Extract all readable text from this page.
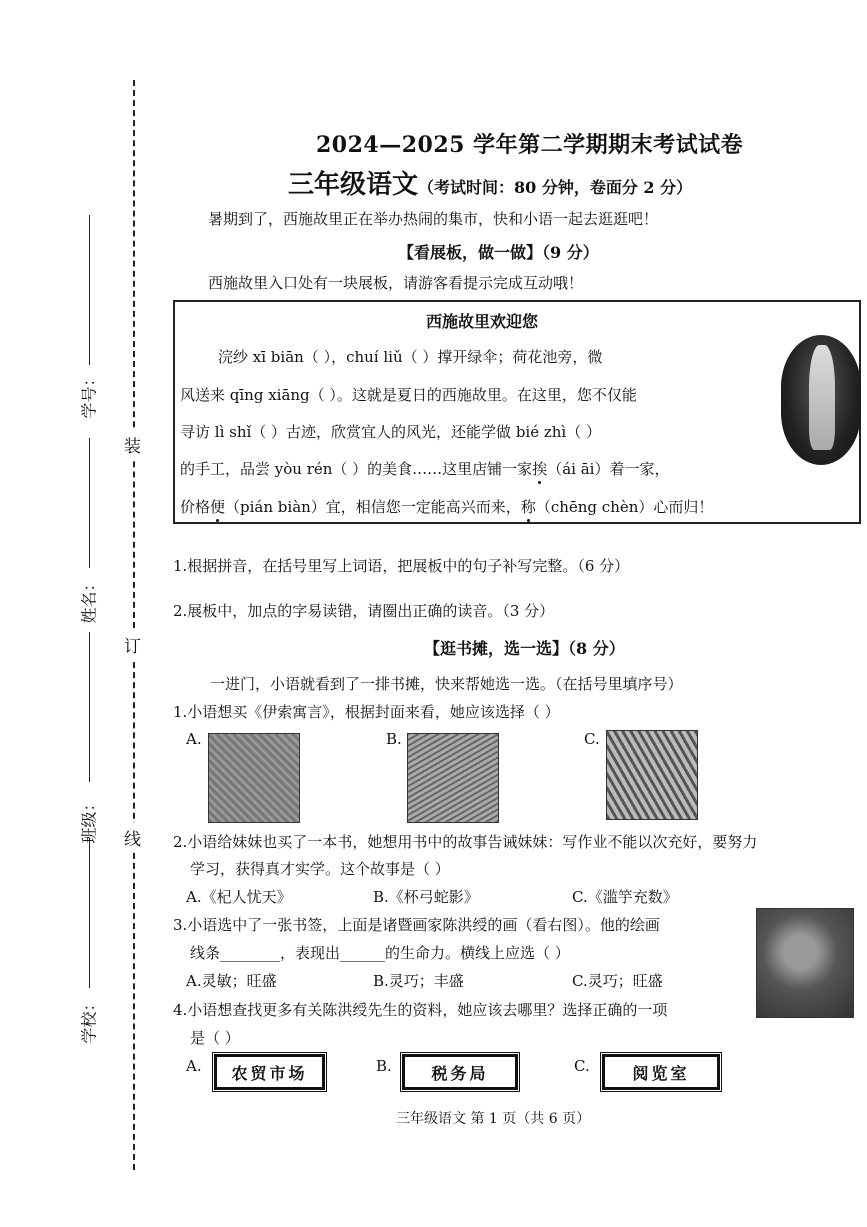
装
订
线
学号：
姓名：
班级：
学校：
2024—2025 学年第二学期期末考试试卷
三年级语文（考试时间：80 分钟，卷面分 2 分）
暑期到了，西施故里正在举办热闹的集市，快和小语一起去逛逛吧！
【看展板，做一做】（9 分）
西施故里入口处有一块展板，请游客看提示完成互动哦！
西施故里欢迎您
浣纱 xī biān（ ），chuí liǔ（ ）撑开绿伞；荷花池旁，微
风送来 qīng xiāng（ ）。这就是夏日的西施故里。在这里，您不仅能
寻访 lì shǐ（ ）古迹，欣赏宜人的风光，还能学做 bié zhì（ ）
的手工，品尝 yòu rén（ ）的美食……这里店铺一家挨（ái āi）着一家，
价格便（pián biàn）宜，相信您一定能高兴而来，称（chēng chèn）心而归！
1.根据拼音，在括号里写上词语，把展板中的句子补写完整。（6 分）
2.展板中，加点的字易读错，请圈出正确的读音。（3 分）
【逛书摊，选一选】（8 分）
一进门，小语就看到了一排书摊，快来帮她选一选。（在括号里填序号）
1.小语想买《伊索寓言》，根据封面来看，她应该选择（ ）
A.	B.	C.
2.小语给妹妹也买了一本书，她想用书中的故事告诫妹妹：写作业不能以次充好，要努力
学习，获得真才实学。这个故事是（ ）
A.《杞人忧天》	B.《杯弓蛇影》	C.《滥竽充数》
3.小语选中了一张书签，上面是诸暨画家陈洪绶的画（看右图）。他的绘画
线条________，表现出______的生命力。横线上应选（ ）
A.灵敏；旺盛	B.灵巧；丰盛	C.灵巧；旺盛
4.小语想查找更多有关陈洪绶先生的资料，她应该去哪里？选择正确的一项
是（ ）
A.	农贸市场	B.	税务局	C.	阅览室
三年级语文 第 1 页（共 6 页）
